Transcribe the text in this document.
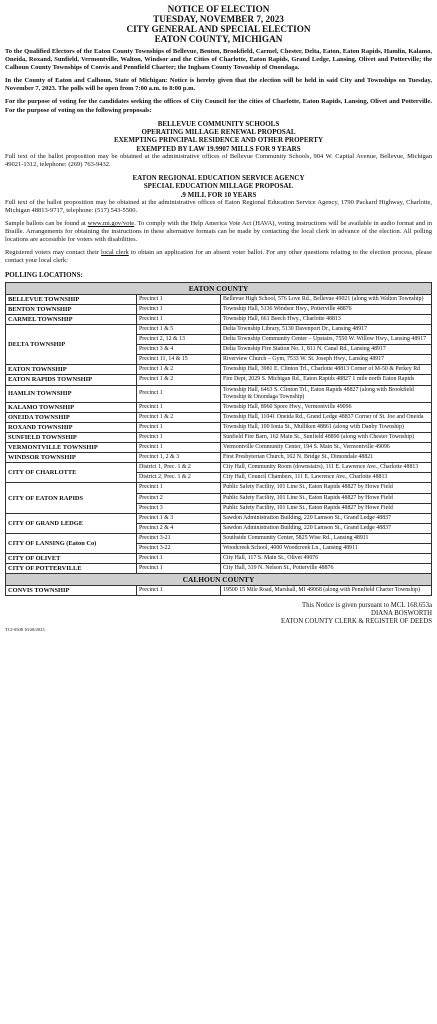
NOTICE OF ELECTION
TUESDAY, NOVEMBER 7, 2023
CITY GENERAL AND SPECIAL ELECTION
EATON COUNTY, MICHIGAN

To the Qualified Electors of the Eaton County Townships of Bellevue, Benton, Brookfield, Carmel, Chester, Delta, Eaton, Eaton Rapids, Hamlin, Kalamo, Oneida, Roxand, Sunfield, Vermontville, Walton, Windsor and the Cities of Charlotte, Eaton Rapids, Grand Ledge, Lansing, Olivet and Potterville; the Calhoun County Townships of Convis and Pennfield Charter; the Ingham County Township of Onondaga.

In the County of Eaton and Calhoun, State of Michigan: Notice is hereby given that the election will be held in said City and Townships on Tuesday, November 7, 2023. The polls will be open from 7:00 a.m. to 8:00 p.m.

For the purpose of voting for the candidates seeking the offices of City Council for the cities of Charlotte, Eaton Rapids, Lansing, Olivet and Potterville. For the purpose of voting on the following proposals:

BELLEVUE COMMUNITY SCHOOLS
OPERATING MILLAGE RENEWAL PROPOSAL
EXEMPTING PRINCIPAL RESIDENCE AND OTHER PROPERTY
EXEMPTED BY LAW 19.9907 MILLS FOR 9 YEARS

Full text of the ballot proposition may be obtained at the administrative offices of Bellevue Community Schools, 904 W. Capital Avenue, Bellevue, Michigan 49021-1312, telephone: (269) 763-9432.

EATON REGIONAL EDUCATION SERVICE AGENCY
SPECIAL EDUCATION MILLAGE PROPOSAL
.9 MILL FOR 10 YEARS

Full text of the ballot proposition may be obtained at the administrative offices of Eaton Regional Education Service Agency, 1790 Packard Highway, Charlotte, Michigan 48813-9717, telephone: (517) 543-5500.

Sample ballots can be found at www.mi.gov/vote. To comply with the Help America Vote Act (HAVA), voting instructions will be available in audio format and in Braille. Arrangements for obtaining the instructions in these alternative formats can be made by contacting the local clerk in advance of the election. All polling locations are accessible for voters with disabilities.

Registered voters may contact their local clerk to obtain an application for an absent voter ballot. For any other questions relating to the election process, please contact your local clerk:

POLLING LOCATIONS:
EATON COUNTY		
BELLEVUE TOWNSHIP	Precinct 1	Bellevue High School, 576 Love Rd., Bellevue 49021 (along with Walton Township)
BENTON TOWNSHIP	Precinct 1	Township Hall, 5136 Windsor Hwy., Potterville 48876
CARMEL TOWNSHIP	Precinct 1	Township Hall, 661 Beech Hwy., Charlotte 48813
DELTA TOWNSHIP	Precinct 1 & 5	Delta Township Library, 5130 Davenport Dr., Lansing 48917
	Precinct 2, 12 & 13	Delta Township Community Center – Upstairs, 7550 W. Willow Hwy., Lansing 48917
	Precinct 3 & 4	Delta Township Fire Station No. 1, 811 N. Canal Rd., Lansing 48917
	Precinct 11, 14 & 15	Riverview Church – Gym, 7533 W. St. Joseph Hwy., Lansing 48917
EATON TOWNSHIP	Precinct 1 & 2	Township Hall, 3981 E. Clinton Trl., Charlotte 48813 Corner of M-50 & Perkey Rd
EATON RAPIDS TOWNSHIP	Precinct 1 & 2	Fire Dept, 2029 S. Michigan Rd., Eaton Rapids 48827 1 mile north Eaton Rapids
HAMLIN TOWNSHIP	Precinct 1	Township Hall, 6463 S. Clinton Trl., Eaton Rapids 48827 (along with Brookfield Township & Onondaga Township)
KALAMO TOWNSHIP	Precinct 1	Township Hall, 8960 Spore Hwy., Vermontville 49096
ONEIDA TOWNSHIP	Precinct 1 & 2	Township Hall, 11041 Oneida Rd., Grand Ledge 48837 Corner of St. Joe and Oneida
ROXAND TOWNSHIP	Precinct 1	Township Hall, 100 Ionia St., Mulliken 48861 (along with Danby Township)
SUNFIELD TOWNSHIP	Precinct 1	Sunfield Fire Barn, 162 Main St., Sunfield 48890 (along with Chester Township)
VERMONTVILLE TOWNSHIP	Precinct 1	Vermontville Community Center, 194 S. Main St., Vermontville 49096
WINDSOR TOWNSHIP	Precinct 1, 2 & 3	First Presbyterian Church, 162 N. Bridge St., Dimondale 48821
CITY OF CHARLOTTE	District 1, Prec. 1 & 2	City Hall, Community Room (downstairs), 111 E. Lawrence Ave., Charlotte 48813
	District 2, Prec. 1 & 2	City Hall, Council Chambers, 111 E. Lawrence Ave., Charlotte 48813
CITY OF EATON RAPIDS	Precinct 1	Public Safety Facility, 101 Line St., Eaton Rapids 48827 by Howe Field
	Precinct 2	Public Safety Facility, 101 Line St., Eaton Rapids 48827 by Howe Field
	Precinct 3	Public Safety Facility, 101 Line St., Eaton Rapids 48827 by Howe Field
CITY OF GRAND LEDGE	Precinct 1 & 3	Sawdon Administration Building, 220 Lamson St., Grand Ledge 48837
	Precinct 2 & 4	Sawdon Administration Building, 220 Lamson St., Grand Ledge 48837
CITY OF LANSING (Eaton Co)	Precinct 3-21	Southside Community Center, 5825 Wise Rd., Lansing 48911
	Precinct 3-22	Woodcreek School, 4000 Woodcreek Ln., Lansing 48911
CITY OF OLIVET	Precinct 1	City Hall, 117 S. Main St., Olivet 49076
CITY OF POTTERVILLE	Precinct 1	City Hall, 319 N. Nelson St., Potterville 48876
CALHOUN COUNTY		
CONVIS TOWNSHIP	Precinct 1	19500 15 Mile Road, Marshall, MI 49068 (along with Pennfield Charter Township)
This Notice is given pursuant to MCL 168.653a
DIANA BOSWORTH
EATON COUNTY CLERK & REGISTER OF DEEDS
TCJ-0508 10/28/2023
